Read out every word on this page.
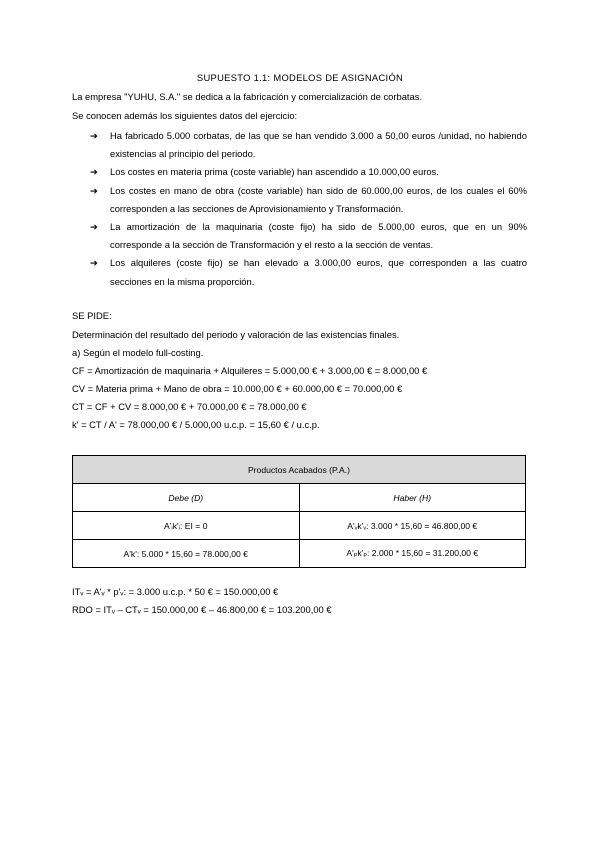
SUPUESTO 1.1: MODELOS DE ASIGNACIÓN
La empresa "YUHU, S.A." se dedica a la fabricación y comercialización de corbatas.
Se conocen además los siguientes datos del ejercicio:
➔ Ha fabricado 5.000 corbatas, de las que se han vendido 3.000 a 50,00 euros /unidad, no habiendo existencias al principio del periodo.
➔ Los costes en materia prima (coste variable) han ascendido a 10.000,00 euros.
➔ Los costes en mano de obra (coste variable) han sido de 60.000,00 euros, de los cuales el 60% corresponden a las secciones de Aprovisionamiento y Transformación.
➔ La amortización de la maquinaria (coste fijo) ha sido de 5.000,00 euros, que en un 90% corresponde a la sección de Transformación y el resto a la sección de ventas.
➔ Los alquileres (coste fijo) se han elevado a 3.000,00 euros, que corresponden a las cuatro secciones en la misma proporción.
SE PIDE:
Determinación del resultado del periodo y valoración de las existencias finales.
a) Según el modelo full-costing.
CF = Amortización de maquinaria + Alquileres = 5.000,00 € + 3.000,00 € = 8.000,00 €
CV = Materia prima + Mano de obra = 10.000,00 € + 60.000,00 € = 70.000,00 €
CT = CF + CV = 8.000,00 € + 70.000,00 € = 78.000,00 €
k' = CT / A' = 78.000,00 € / 5.000,00 u.c.p. = 15,60 € / u.c.p.
Productos Acabados (P.A.)	
Debe (D)	Haber (H)
A'ᵢk'ᵢ: EI = 0	A'ᵥk'ᵥ: 3.000 * 15,60 = 46.800,00 €
A'k': 5.000 * 15,60 = 78.000,00 €	A'ₚk'ₚ: 2.000 * 15,60 = 31.200,00 €
ITᵥ = A'ᵥ * p'ᵥ: = 3.000 u.c.p. * 50 € = 150.000,00 €
RDO = ITᵥ – CTᵥ = 150.000,00 € – 46.800,00 € = 103.200,00 €
